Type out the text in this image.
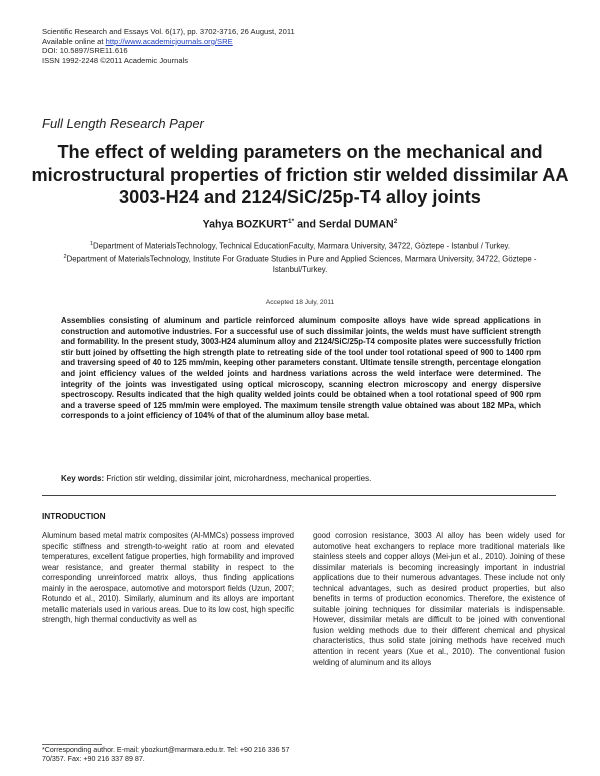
Scientific Research and Essays Vol. 6(17), pp. 3702-3716, 26 August, 2011
Available online at http://www.academicjournals.org/SRE
DOI: 10.5897/SRE11.616
ISSN 1992-2248 ©2011 Academic Journals
Full Length Research Paper
The effect of welding parameters on the mechanical and microstructural properties of friction stir welded dissimilar AA 3003-H24 and 2124/SiC/25p-T4 alloy joints
Yahya $BOZKURT^{1*}$ and Serdal DUMAN$^2$
$^1$Department of MaterialsTechnology, Technical EducationFaculty, Marmara University, 34722, Göztepe - Istanbul / Turkey.
$^2$Department of MaterialsTechnology, Institute For Graduate Studies in Pure and Applied Sciences, Marmara University, 34722, Göztepe - Istanbul/Turkey.
Accepted 18 July, 2011
Assemblies consisting of aluminum and particle reinforced aluminum composite alloys have wide spread applications in construction and automotive industries. For a successful use of such dissimilar joints, the welds must have sufficient strength and formability. In the present study, 3003-H24 aluminum alloy and 2124/SiC/25p-T4 composite plates were successfully friction stir butt joined by offsetting the high strength plate to retreating side of the tool under tool rotational speed of 900 to 1400 rpm and traversing speed of 40 to 125 mm/min, keeping other parameters constant. Ultimate tensile strength, percentage elongation and joint efficiency values of the welded joints and hardness variations across the weld interface were determined. The integrity of the joints was investigated using optical microscopy, scanning electron microscopy and energy dispersive spectroscopy. Results indicated that the high quality welded joints could be obtained when a tool rotational speed of 900 rpm and a traverse speed of 125 mm/min were employed. The maximum tensile strength value obtained was about 182 MPa, which corresponds to a joint efficiency of 104% of that of the aluminum alloy base metal.
Key words: Friction stir welding, dissimilar joint, microhardness, mechanical properties.
INTRODUCTION
Aluminum based metal matrix composites (Al-MMCs) possess improved specific stiffness and strength-to-weight ratio at room and elevated temperatures, excellent fatigue properties, high formability and improved wear resistance, and greater thermal stability in respect to the corresponding unreinforced matrix alloys, thus finding applications mainly in the aerospace, automotive and motorsport fields (Uzun, 2007; Rotundo et al., 2010). Similarly, aluminum and its alloys are important metallic materials used in various areas. Due to its low cost, high specific strength, high thermal conductivity as well as
good corrosion resistance, 3003 Al alloy has been widely used for automotive heat exchangers to replace more traditional materials like stainless steels and copper alloys (Mei-jun et al., 2010). Joining of these dissimilar materials is becoming increasingly important in industrial applications due to their numerous advantages. These include not only technical advantages, such as desired product properties, but also benefits in terms of production economics. Therefore, the existence of suitable joining techniques for dissimilar materials is indispensable. However, dissimilar metals are difficult to be joined with conventional fusion welding methods due to their different chemical and physical characteristics, thus solid state joining methods have received much attention in recent years (Xue et al., 2010). The conventional fusion welding of aluminum and its alloys
*Corresponding author. E-mail: ybozkurt@marmara.edu.tr. Tel: +90 216 336 57 70/357. Fax: +90 216 337 89 87.
